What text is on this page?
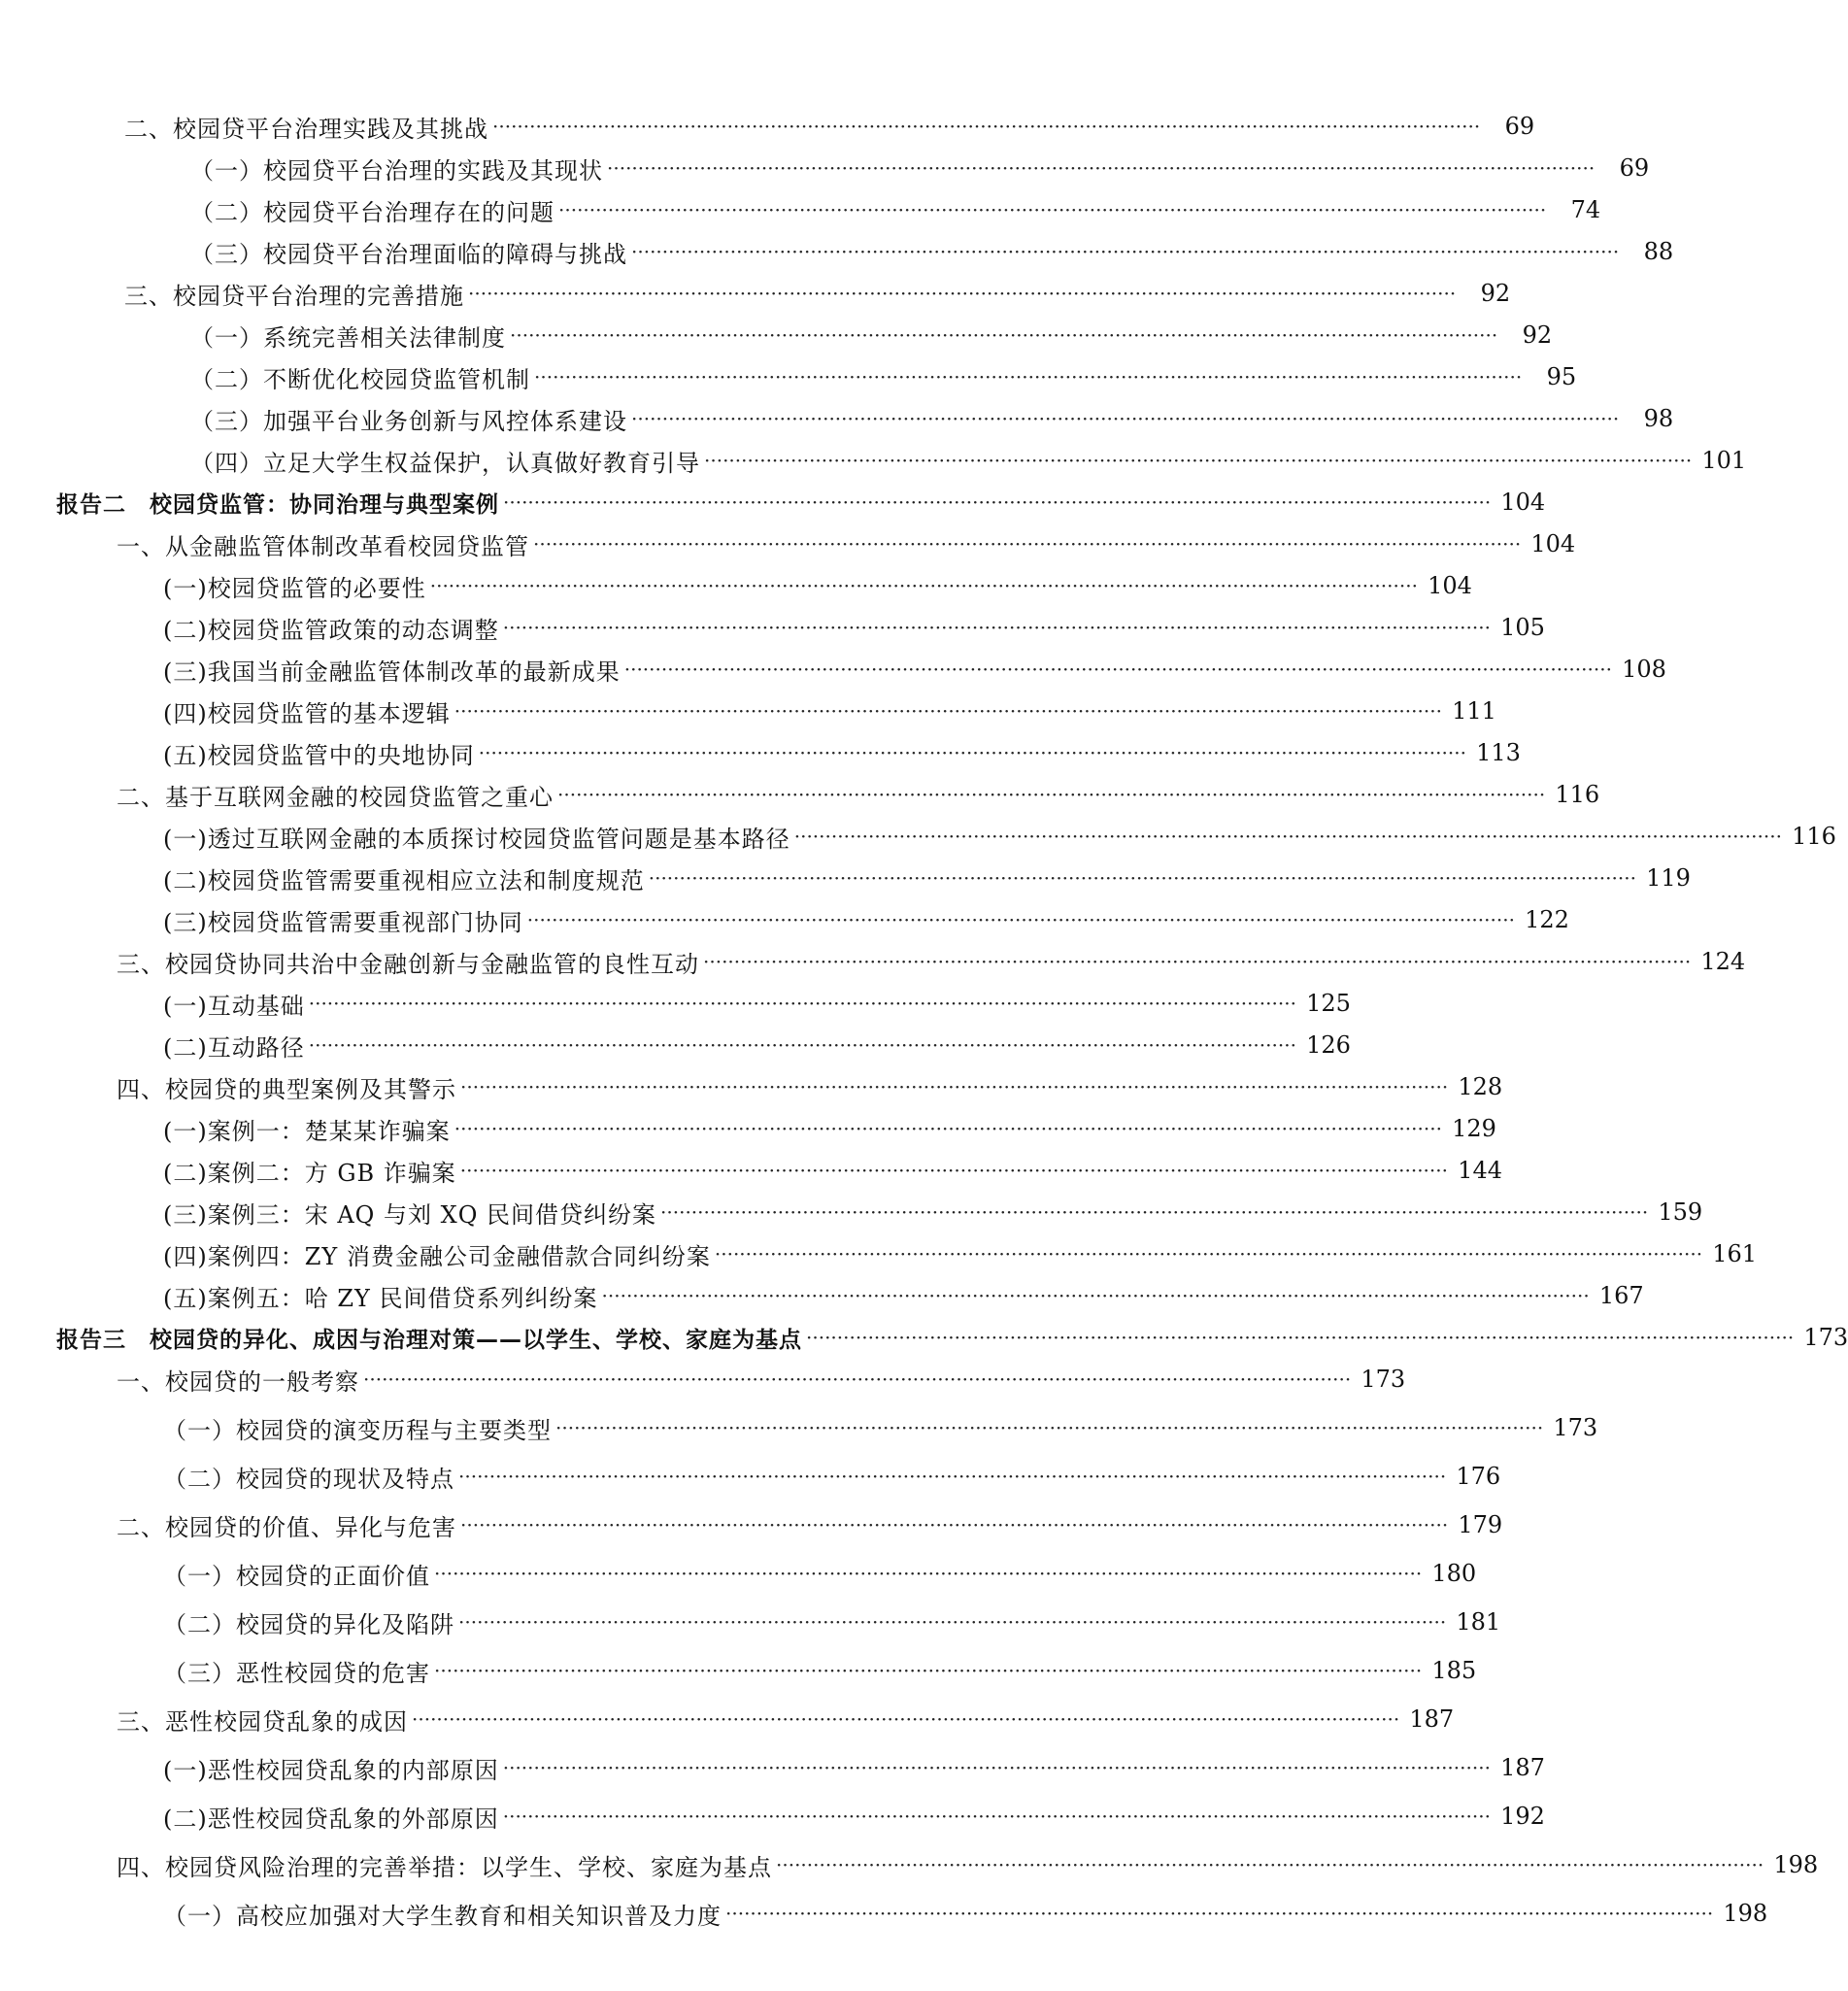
二、校园贷平台治理实践及其挑战 ································································································································································	69
（一）校园贷平台治理的实践及其现状 ································································································································································	69
（二）校园贷平台治理存在的问题 ································································································································································	74
（三）校园贷平台治理面临的障碍与挑战 ································································································································································	88
三、校园贷平台治理的完善措施 ································································································································································	92
（一）系统完善相关法律制度 ································································································································································	92
（二）不断优化校园贷监管机制 ································································································································································	95
（三）加强平台业务创新与风控体系建设 ································································································································································	98
（四）立足大学生权益保护，认真做好教育引导 ································································································································································ 101
报告二　校园贷监管：协同治理与典型案例 ································································································································································ 104
一、从金融监管体制改革看校园贷监管 ································································································································································ 104
(一)校园贷监管的必要性 ································································································································································ 104
(二)校园贷监管政策的动态调整 ································································································································································ 105
(三)我国当前金融监管体制改革的最新成果 ································································································································································ 108
(四)校园贷监管的基本逻辑 ································································································································································ 111
(五)校园贷监管中的央地协同 ································································································································································ 113
二、基于互联网金融的校园贷监管之重心 ································································································································································ 116
(一)透过互联网金融的本质探讨校园贷监管问题是基本路径 ································································································································································ 116
(二)校园贷监管需要重视相应立法和制度规范 ································································································································································ 119
(三)校园贷监管需要重视部门协同 ································································································································································ 122
三、校园贷协同共治中金融创新与金融监管的良性互动 ································································································································································ 124
(一)互动基础 ································································································································································ 125
(二)互动路径 ································································································································································ 126
四、校园贷的典型案例及其警示 ································································································································································ 128
(一)案例一：楚某某诈骗案 ································································································································································ 129
(二)案例二：方 GB 诈骗案 ································································································································································ 144
(三)案例三：宋 AQ 与刘 XQ 民间借贷纠纷案 ································································································································································ 159
(四)案例四：ZY 消费金融公司金融借款合同纠纷案 ································································································································································ 161
(五)案例五：哈 ZY 民间借贷系列纠纷案 ································································································································································ 167
报告三　校园贷的异化、成因与治理对策——以学生、学校、家庭为基点 ································································································································································ 173
一、校园贷的一般考察 ································································································································································ 173
（一）校园贷的演变历程与主要类型 ································································································································································ 173
（二）校园贷的现状及特点 ································································································································································ 176
二、校园贷的价值、异化与危害 ································································································································································ 179
（一）校园贷的正面价值 ································································································································································ 180
（二）校园贷的异化及陷阱 ································································································································································ 181
（三）恶性校园贷的危害 ································································································································································ 185
三、恶性校园贷乱象的成因 ································································································································································ 187
(一)恶性校园贷乱象的内部原因 ································································································································································ 187
(二)恶性校园贷乱象的外部原因 ································································································································································ 192
四、校园贷风险治理的完善举措：以学生、学校、家庭为基点 ································································································································································ 198
（一）高校应加强对大学生教育和相关知识普及力度 ································································································································································ 198
